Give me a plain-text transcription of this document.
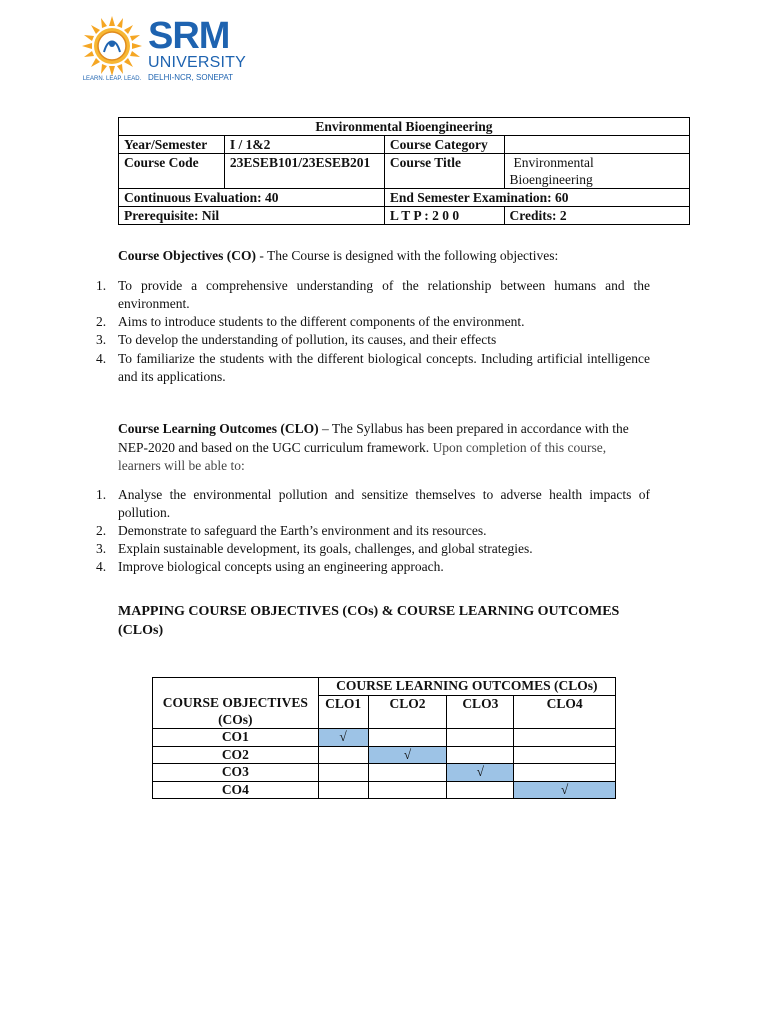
LEARN. LEAP. LEAD.
SRM
UNIVERSITY
DELHI-NCR, SONEPAT
Environmental Bioengineering			
Year/Semester	I / 1&2	Course Category	
Course Code	23ESEB101/23ESEB201	Course Title	Environmental
Bioengineering
Continuous Evaluation: 40		End Semester Examination: 60	
Prerequisite: Nil		L T P : 2 0 0	Credits: 2
Course Objectives (CO) - The Course is designed with the following objectives:
1. To provide a comprehensive understanding of the relationship between humans and the environment.
2. Aims to introduce students to the different components of the environment.
3. To develop the understanding of pollution, its causes, and their effects
4. To familiarize the students with the different biological concepts. Including artificial intelligence and its applications.
Course Learning Outcomes (CLO) – The Syllabus has been prepared in accordance with the NEP-2020 and based on the UGC curriculum framework. Upon completion of this course, learners will be able to:
1. Analyse the environmental pollution and sensitize themselves to adverse health impacts of pollution.
2. Demonstrate to safeguard the Earth’s environment and its resources.
3. Explain sustainable development, its goals, challenges, and global strategies.
4. Improve biological concepts using an engineering approach.
MAPPING COURSE OBJECTIVES (COs) & COURSE LEARNING OUTCOMES (CLOs)
	COURSE LEARNING OUTCOMES (CLOs)			
COURSE OBJECTIVES (COs)	CLO1	CLO2	CLO3	CLO4
CO1	√			
CO2		√		
CO3			√	
CO4				√
